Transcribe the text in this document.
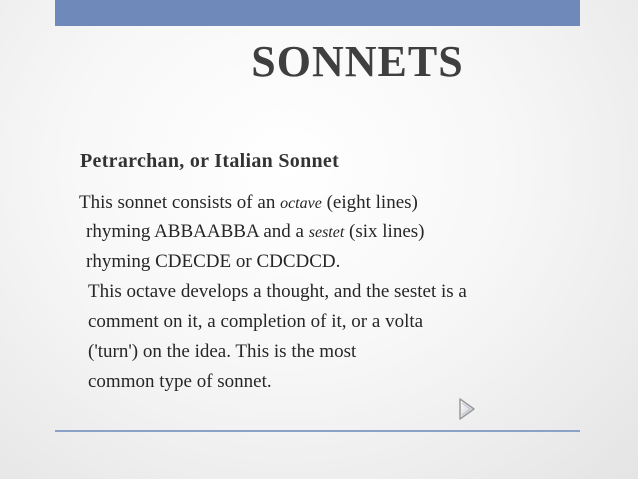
SONNETS
Petrarchan, or Italian Sonnet

This sonnet consists of an octave (eight lines)

rhyming ABBAABBA and a sestet (six lines)

rhyming CDECDE or CDCDCD.

This octave develops a thought, and the sestet is a

comment on it, a completion of it, or a volta

('turn') on the idea. This is the most

common type of sonnet.
